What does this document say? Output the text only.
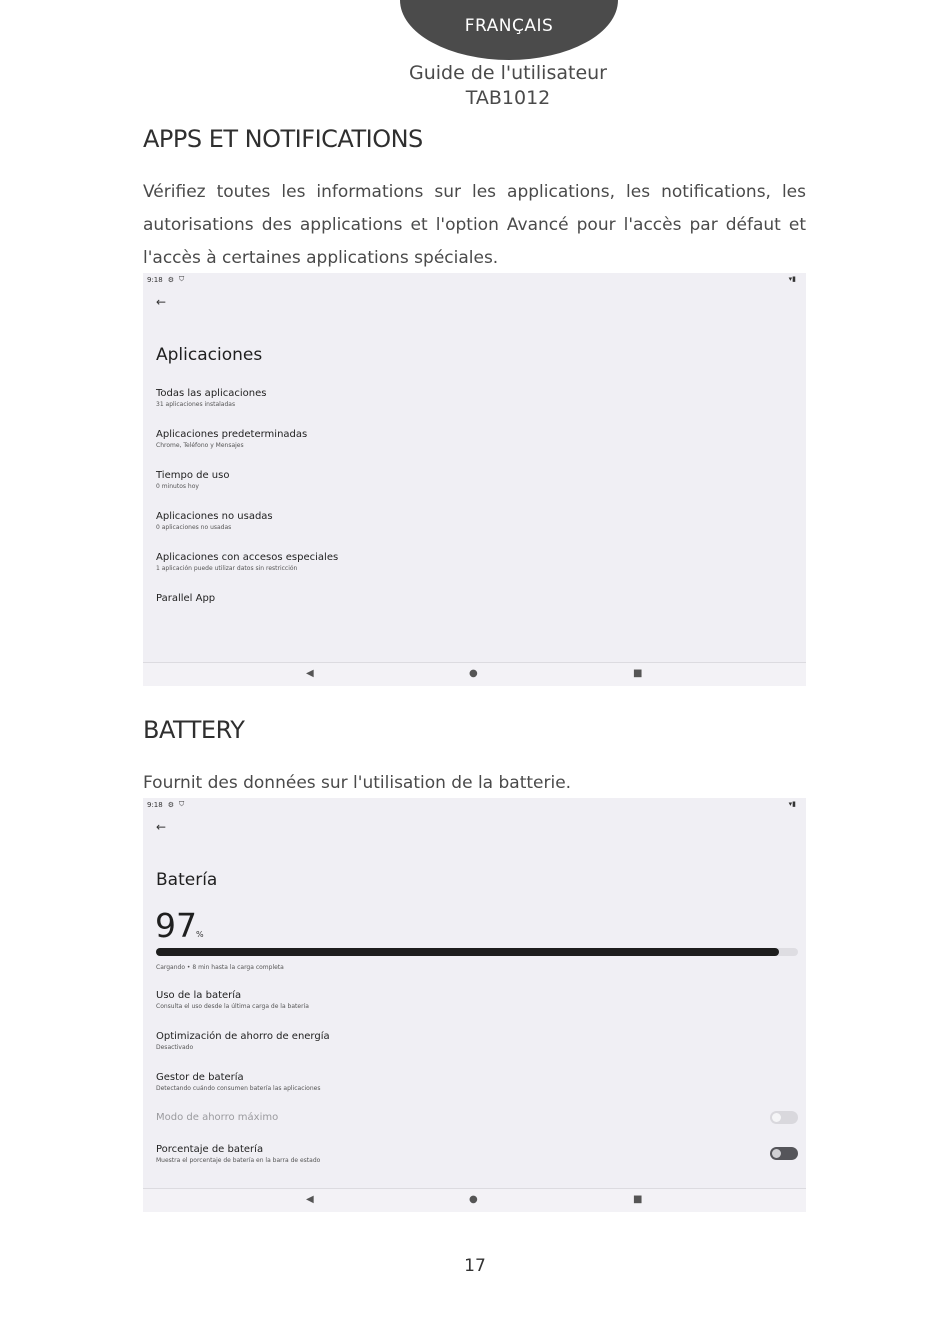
FRANÇAIS
Guide de l'utilisateur
TAB1012
APPS ET NOTIFICATIONS
Vérifiez toutes les informations sur les applications, les notifications, les autorisations des applications et l'option Avancé pour l'accès par défaut et l'accès à certaines applications spéciales.
9:18 ⚙ ⛉	▾▮
←
Aplicaciones
Todas las aplicaciones
31 aplicaciones instaladas
Aplicaciones predeterminadas
Chrome, Teléfono y Mensajes
Tiempo de uso
0 minutos hoy
Aplicaciones no usadas
0 aplicaciones no usadas
Aplicaciones con accesos especiales
1 aplicación puede utilizar datos sin restricción
Parallel App
◀	●	■
BATTERY
Fournit des données sur l'utilisation de la batterie.
9:18 ⚙ ⛉	▾▮
←
Batería
97 %
Cargando • 8 min hasta la carga completa
Uso de la batería
Consulta el uso desde la última carga de la batería
Optimización de ahorro de energía
Desactivado
Gestor de batería
Detectando cuándo consumen batería las aplicaciones
Modo de ahorro máximo
Porcentaje de batería
Muestra el porcentaje de batería en la barra de estado
◀	●	■
17
